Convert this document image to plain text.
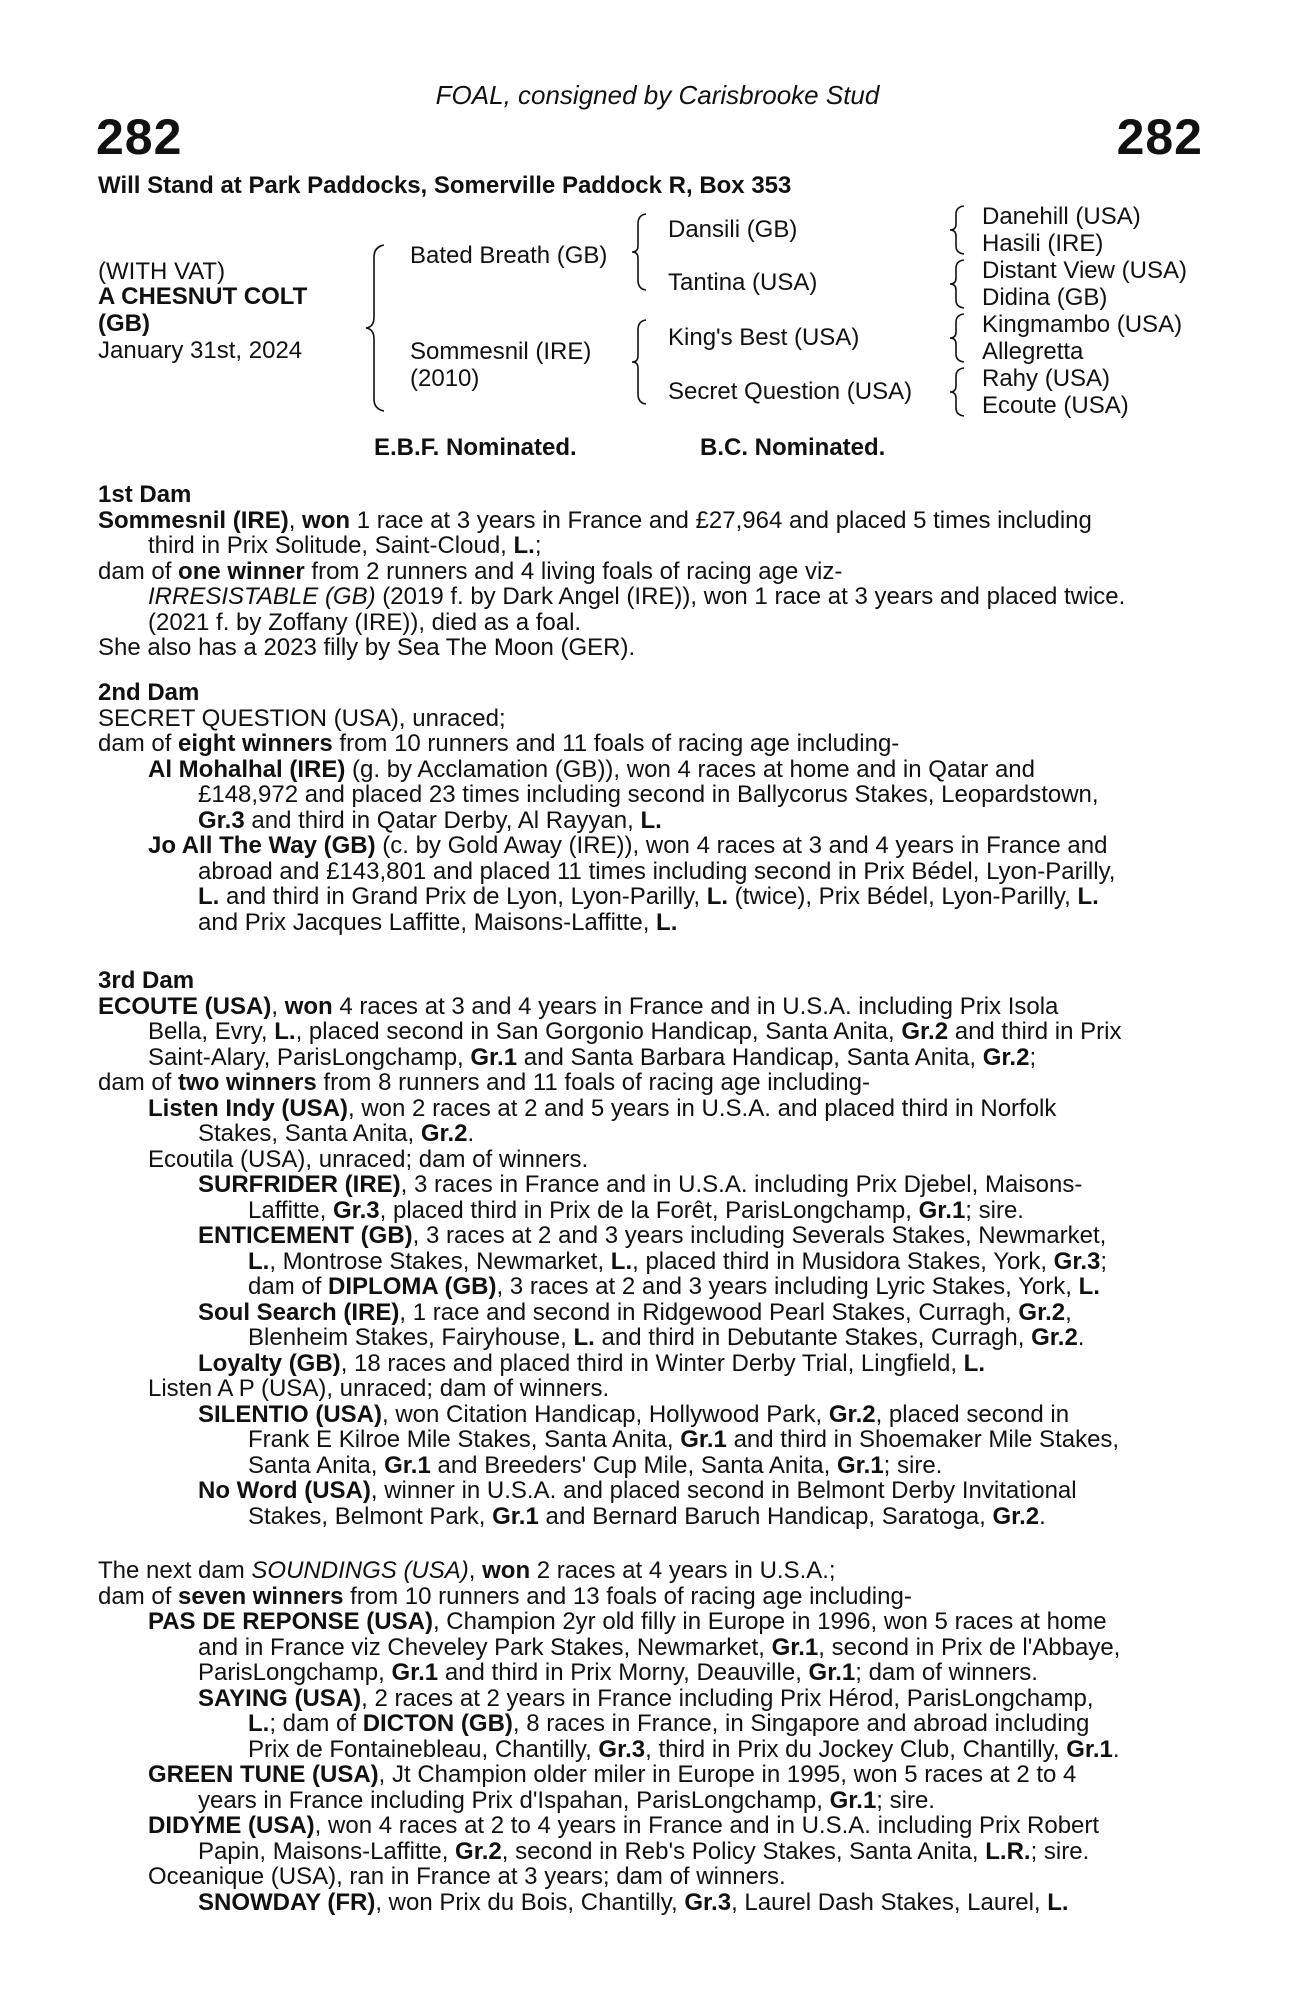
FOAL, consigned by Carisbrooke Stud
282	282
Will Stand at Park Paddocks, Somerville Paddock R, Box 353
(WITH VAT)
A CHESNUT COLT
(GB)
January 31st, 2024
Bated Breath (GB)
Sommesnil (IRE)
(2010)
Dansili (GB)
Tantina (USA)
King's Best (USA)
Secret Question (USA)
Danehill (USA)
Hasili (IRE)
Distant View (USA)
Didina (GB)
Kingmambo (USA)
Allegretta
Rahy (USA)
Ecoute (USA)
E.B.F. Nominated.	B.C. Nominated.
1st Dam
Sommesnil (IRE), won 1 race at 3 years in France and £27,964 and placed 5 times including
third in Prix Solitude, Saint-Cloud, L.;
dam of one winner from 2 runners and 4 living foals of racing age viz-
IRRESISTABLE (GB) (2019 f. by Dark Angel (IRE)), won 1 race at 3 years and placed twice.
(2021 f. by Zoffany (IRE)), died as a foal.
She also has a 2023 filly by Sea The Moon (GER).
2nd Dam
SECRET QUESTION (USA), unraced;
dam of eight winners from 10 runners and 11 foals of racing age including-
Al Mohalhal (IRE) (g. by Acclamation (GB)), won 4 races at home and in Qatar and
£148,972 and placed 23 times including second in Ballycorus Stakes, Leopardstown,
Gr.3 and third in Qatar Derby, Al Rayyan, L.
Jo All The Way (GB) (c. by Gold Away (IRE)), won 4 races at 3 and 4 years in France and
abroad and £143,801 and placed 11 times including second in Prix Bédel, Lyon-Parilly,
L. and third in Grand Prix de Lyon, Lyon-Parilly, L. (twice), Prix Bédel, Lyon-Parilly, L.
and Prix Jacques Laffitte, Maisons-Laffitte, L.
3rd Dam
ECOUTE (USA), won 4 races at 3 and 4 years in France and in U.S.A. including Prix Isola
Bella, Evry, L., placed second in San Gorgonio Handicap, Santa Anita, Gr.2 and third in Prix
Saint-Alary, ParisLongchamp, Gr.1 and Santa Barbara Handicap, Santa Anita, Gr.2;
dam of two winners from 8 runners and 11 foals of racing age including-
Listen Indy (USA), won 2 races at 2 and 5 years in U.S.A. and placed third in Norfolk
Stakes, Santa Anita, Gr.2.
Ecoutila (USA), unraced; dam of winners.
SURFRIDER (IRE), 3 races in France and in U.S.A. including Prix Djebel, Maisons-
Laffitte, Gr.3, placed third in Prix de la Forêt, ParisLongchamp, Gr.1; sire.
ENTICEMENT (GB), 3 races at 2 and 3 years including Severals Stakes, Newmarket,
L., Montrose Stakes, Newmarket, L., placed third in Musidora Stakes, York, Gr.3;
dam of DIPLOMA (GB), 3 races at 2 and 3 years including Lyric Stakes, York, L.
Soul Search (IRE), 1 race and second in Ridgewood Pearl Stakes, Curragh, Gr.2,
Blenheim Stakes, Fairyhouse, L. and third in Debutante Stakes, Curragh, Gr.2.
Loyalty (GB), 18 races and placed third in Winter Derby Trial, Lingfield, L.
Listen A P (USA), unraced; dam of winners.
SILENTIO (USA), won Citation Handicap, Hollywood Park, Gr.2, placed second in
Frank E Kilroe Mile Stakes, Santa Anita, Gr.1 and third in Shoemaker Mile Stakes,
Santa Anita, Gr.1 and Breeders' Cup Mile, Santa Anita, Gr.1; sire.
No Word (USA), winner in U.S.A. and placed second in Belmont Derby Invitational
Stakes, Belmont Park, Gr.1 and Bernard Baruch Handicap, Saratoga, Gr.2.
The next dam SOUNDINGS (USA), won 2 races at 4 years in U.S.A.;
dam of seven winners from 10 runners and 13 foals of racing age including-
PAS DE REPONSE (USA), Champion 2yr old filly in Europe in 1996, won 5 races at home
and in France viz Cheveley Park Stakes, Newmarket, Gr.1, second in Prix de l'Abbaye,
ParisLongchamp, Gr.1 and third in Prix Morny, Deauville, Gr.1; dam of winners.
SAYING (USA), 2 races at 2 years in France including Prix Hérod, ParisLongchamp,
L.; dam of DICTON (GB), 8 races in France, in Singapore and abroad including
Prix de Fontainebleau, Chantilly, Gr.3, third in Prix du Jockey Club, Chantilly, Gr.1.
GREEN TUNE (USA), Jt Champion older miler in Europe in 1995, won 5 races at 2 to 4
years in France including Prix d'Ispahan, ParisLongchamp, Gr.1; sire.
DIDYME (USA), won 4 races at 2 to 4 years in France and in U.S.A. including Prix Robert
Papin, Maisons-Laffitte, Gr.2, second in Reb's Policy Stakes, Santa Anita, L.R.; sire.
Oceanique (USA), ran in France at 3 years; dam of winners.
SNOWDAY (FR), won Prix du Bois, Chantilly, Gr.3, Laurel Dash Stakes, Laurel, L.
